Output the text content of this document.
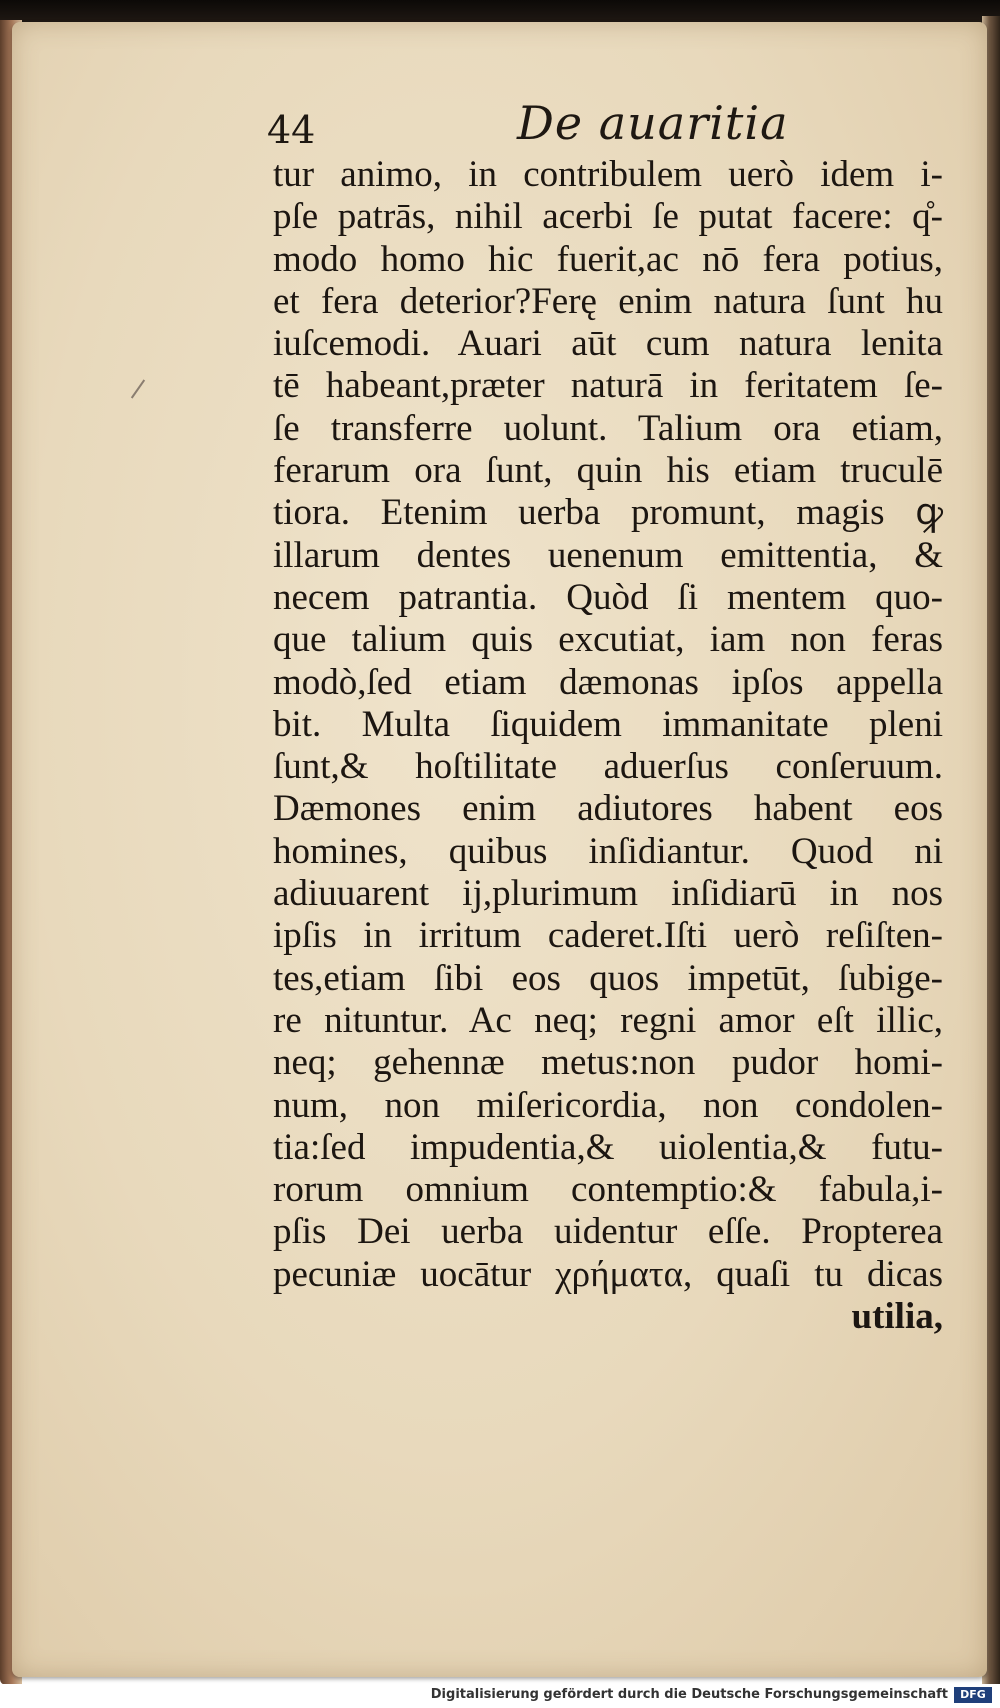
44	De auaritia
tur animo, in contribulem uerò idem i-
pſe patrās, nihil acerbi ſe putat facere: q̊-
modo homo hic fuerit,ac nō fera potius,
et fera deterior?Ferę enim natura ſunt hu
iuſcemodi. Auari aūt cum natura lenita
tē habeant,præter naturā in feritatem ſe-
ſe transferre uolunt. Talium ora etiam,
ferarum ora ſunt, quin his etiam truculē
tiora. Etenim uerba promunt, magis ꝙ
illarum dentes uenenum emittentia, &
necem patrantia. Quòd ſi mentem quo-
que talium quis excutiat, iam non feras
modò,ſed etiam dæmonas ipſos appella
bit. Multa ſiquidem immanitate pleni
ſunt,& hoſtilitate aduerſus conſeruum.
Dæmones enim adiutores habent eos
homines, quibus inſidiantur. Quod ni
adiuuarent ij,plurimum inſidiarū in nos
ipſis in irritum caderet.Iſti uerò reſiſten-
tes,etiam ſibi eos quos impetūt, ſubige-
re nituntur. Ac neq; regni amor eſt illic,
neq; gehennæ metus:non pudor homi-
num, non miſericordia, non condolen-
tia:ſed impudentia,& uiolentia,& futu-
rorum omnium contemptio:& fabula,i-
pſis Dei uerba uidentur eſſe. Propterea
pecuniæ uocātur χρήματα, quaſi tu dicas
utilia,
Digitalisierung gefördert durch die Deutsche Forschungsgemeinschaft	DFG
